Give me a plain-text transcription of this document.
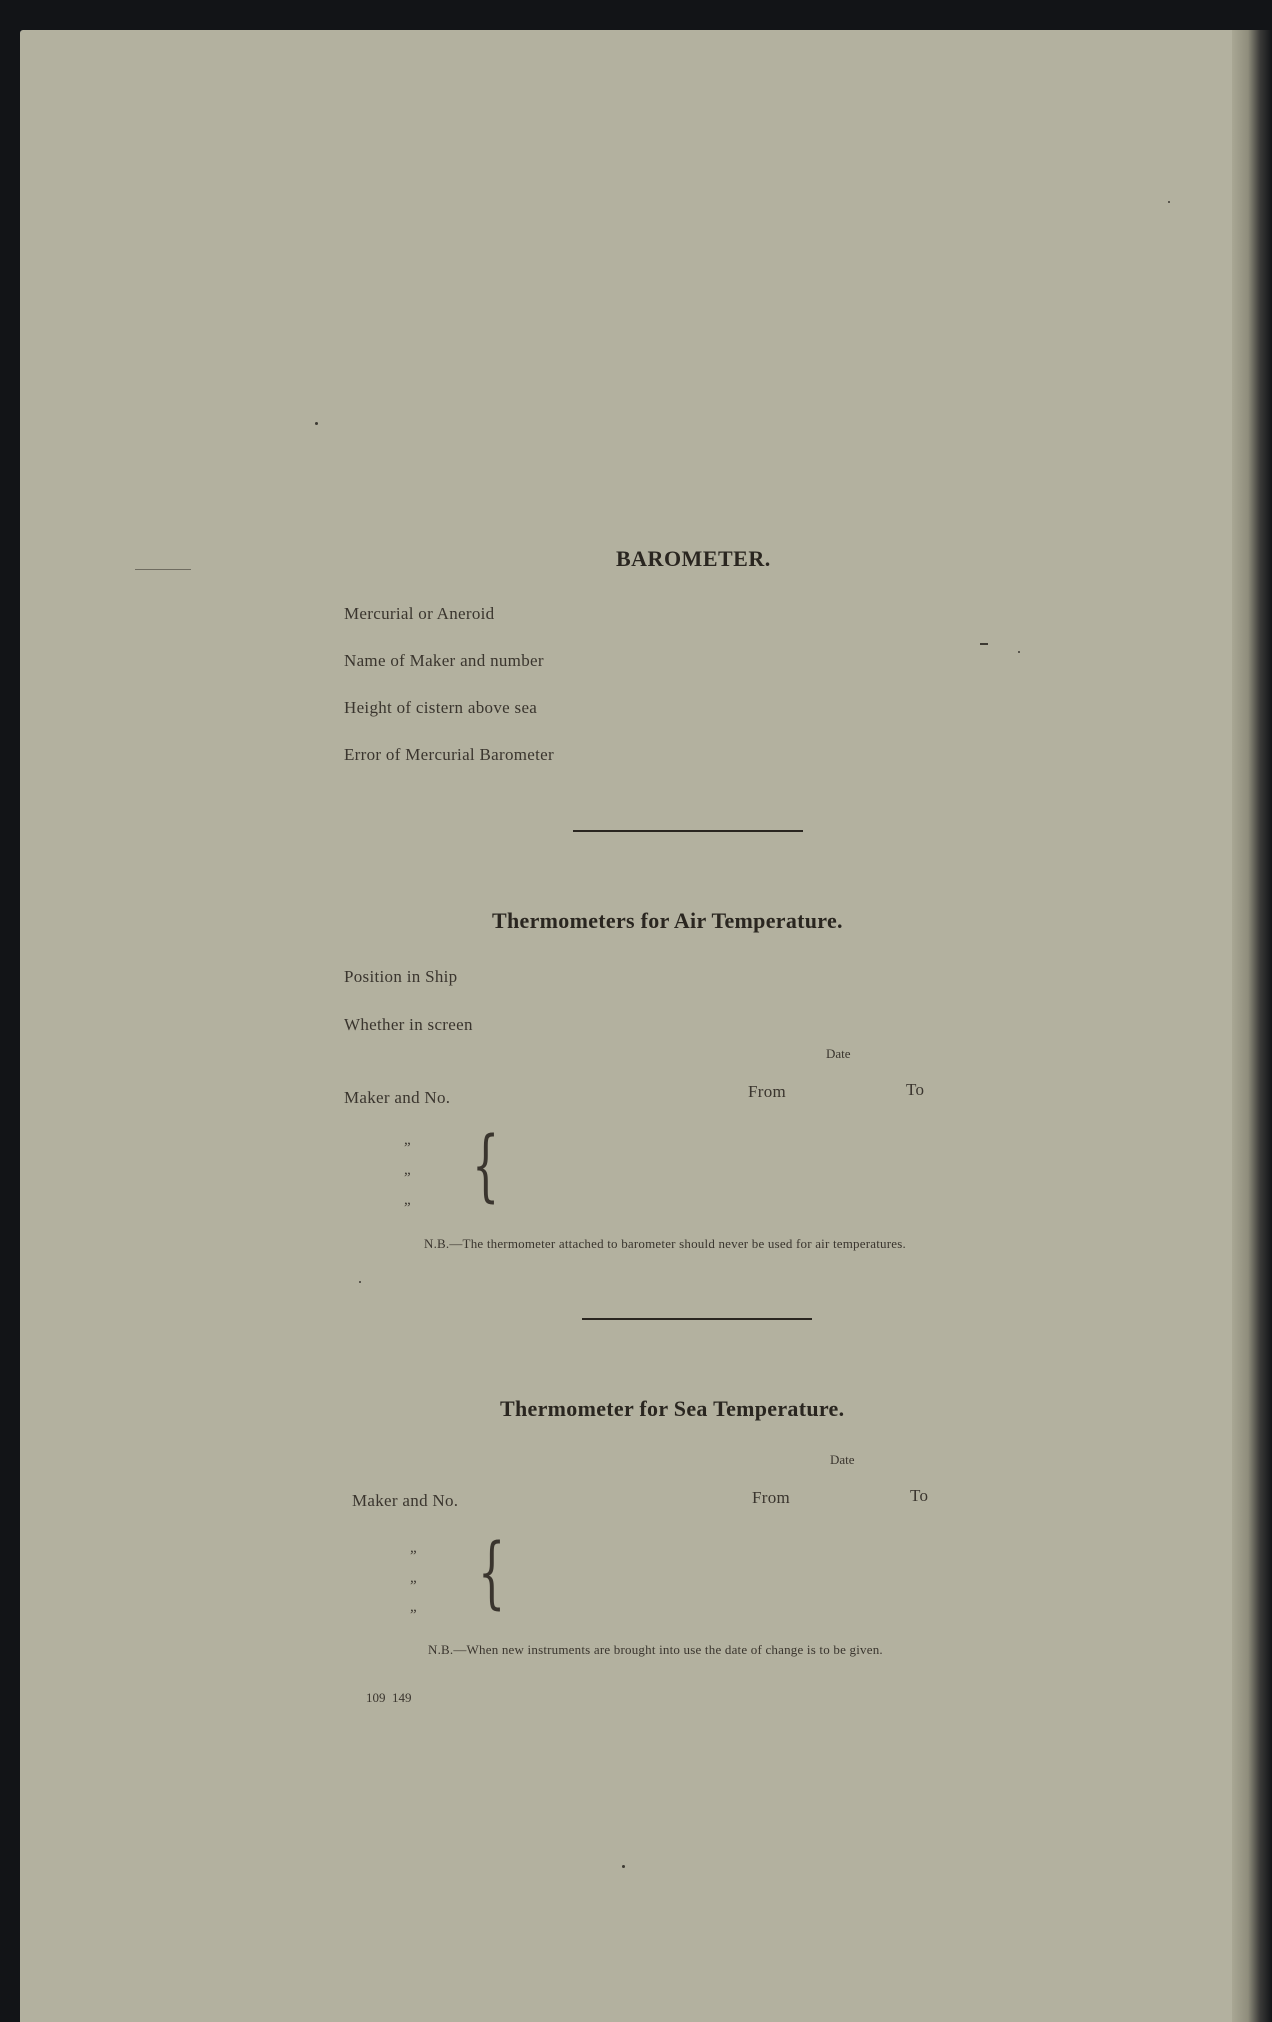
BAROMETER.
Mercurial or Aneroid
Name of Maker and number
Height of cistern above sea
Error of Mercurial Barometer
Thermometers for Air Temperature.
Position in Ship
Whether in screen
Date
Maker and No.	From	To
”
”
” {
N.B.—The thermometer attached to barometer should never be used for air temperatures.
Thermometer for Sea Temperature.
Date
Maker and No.	From	To
”
”
” {
N.B.—When new instruments are brought into use the date of change is to be given.
109  149
